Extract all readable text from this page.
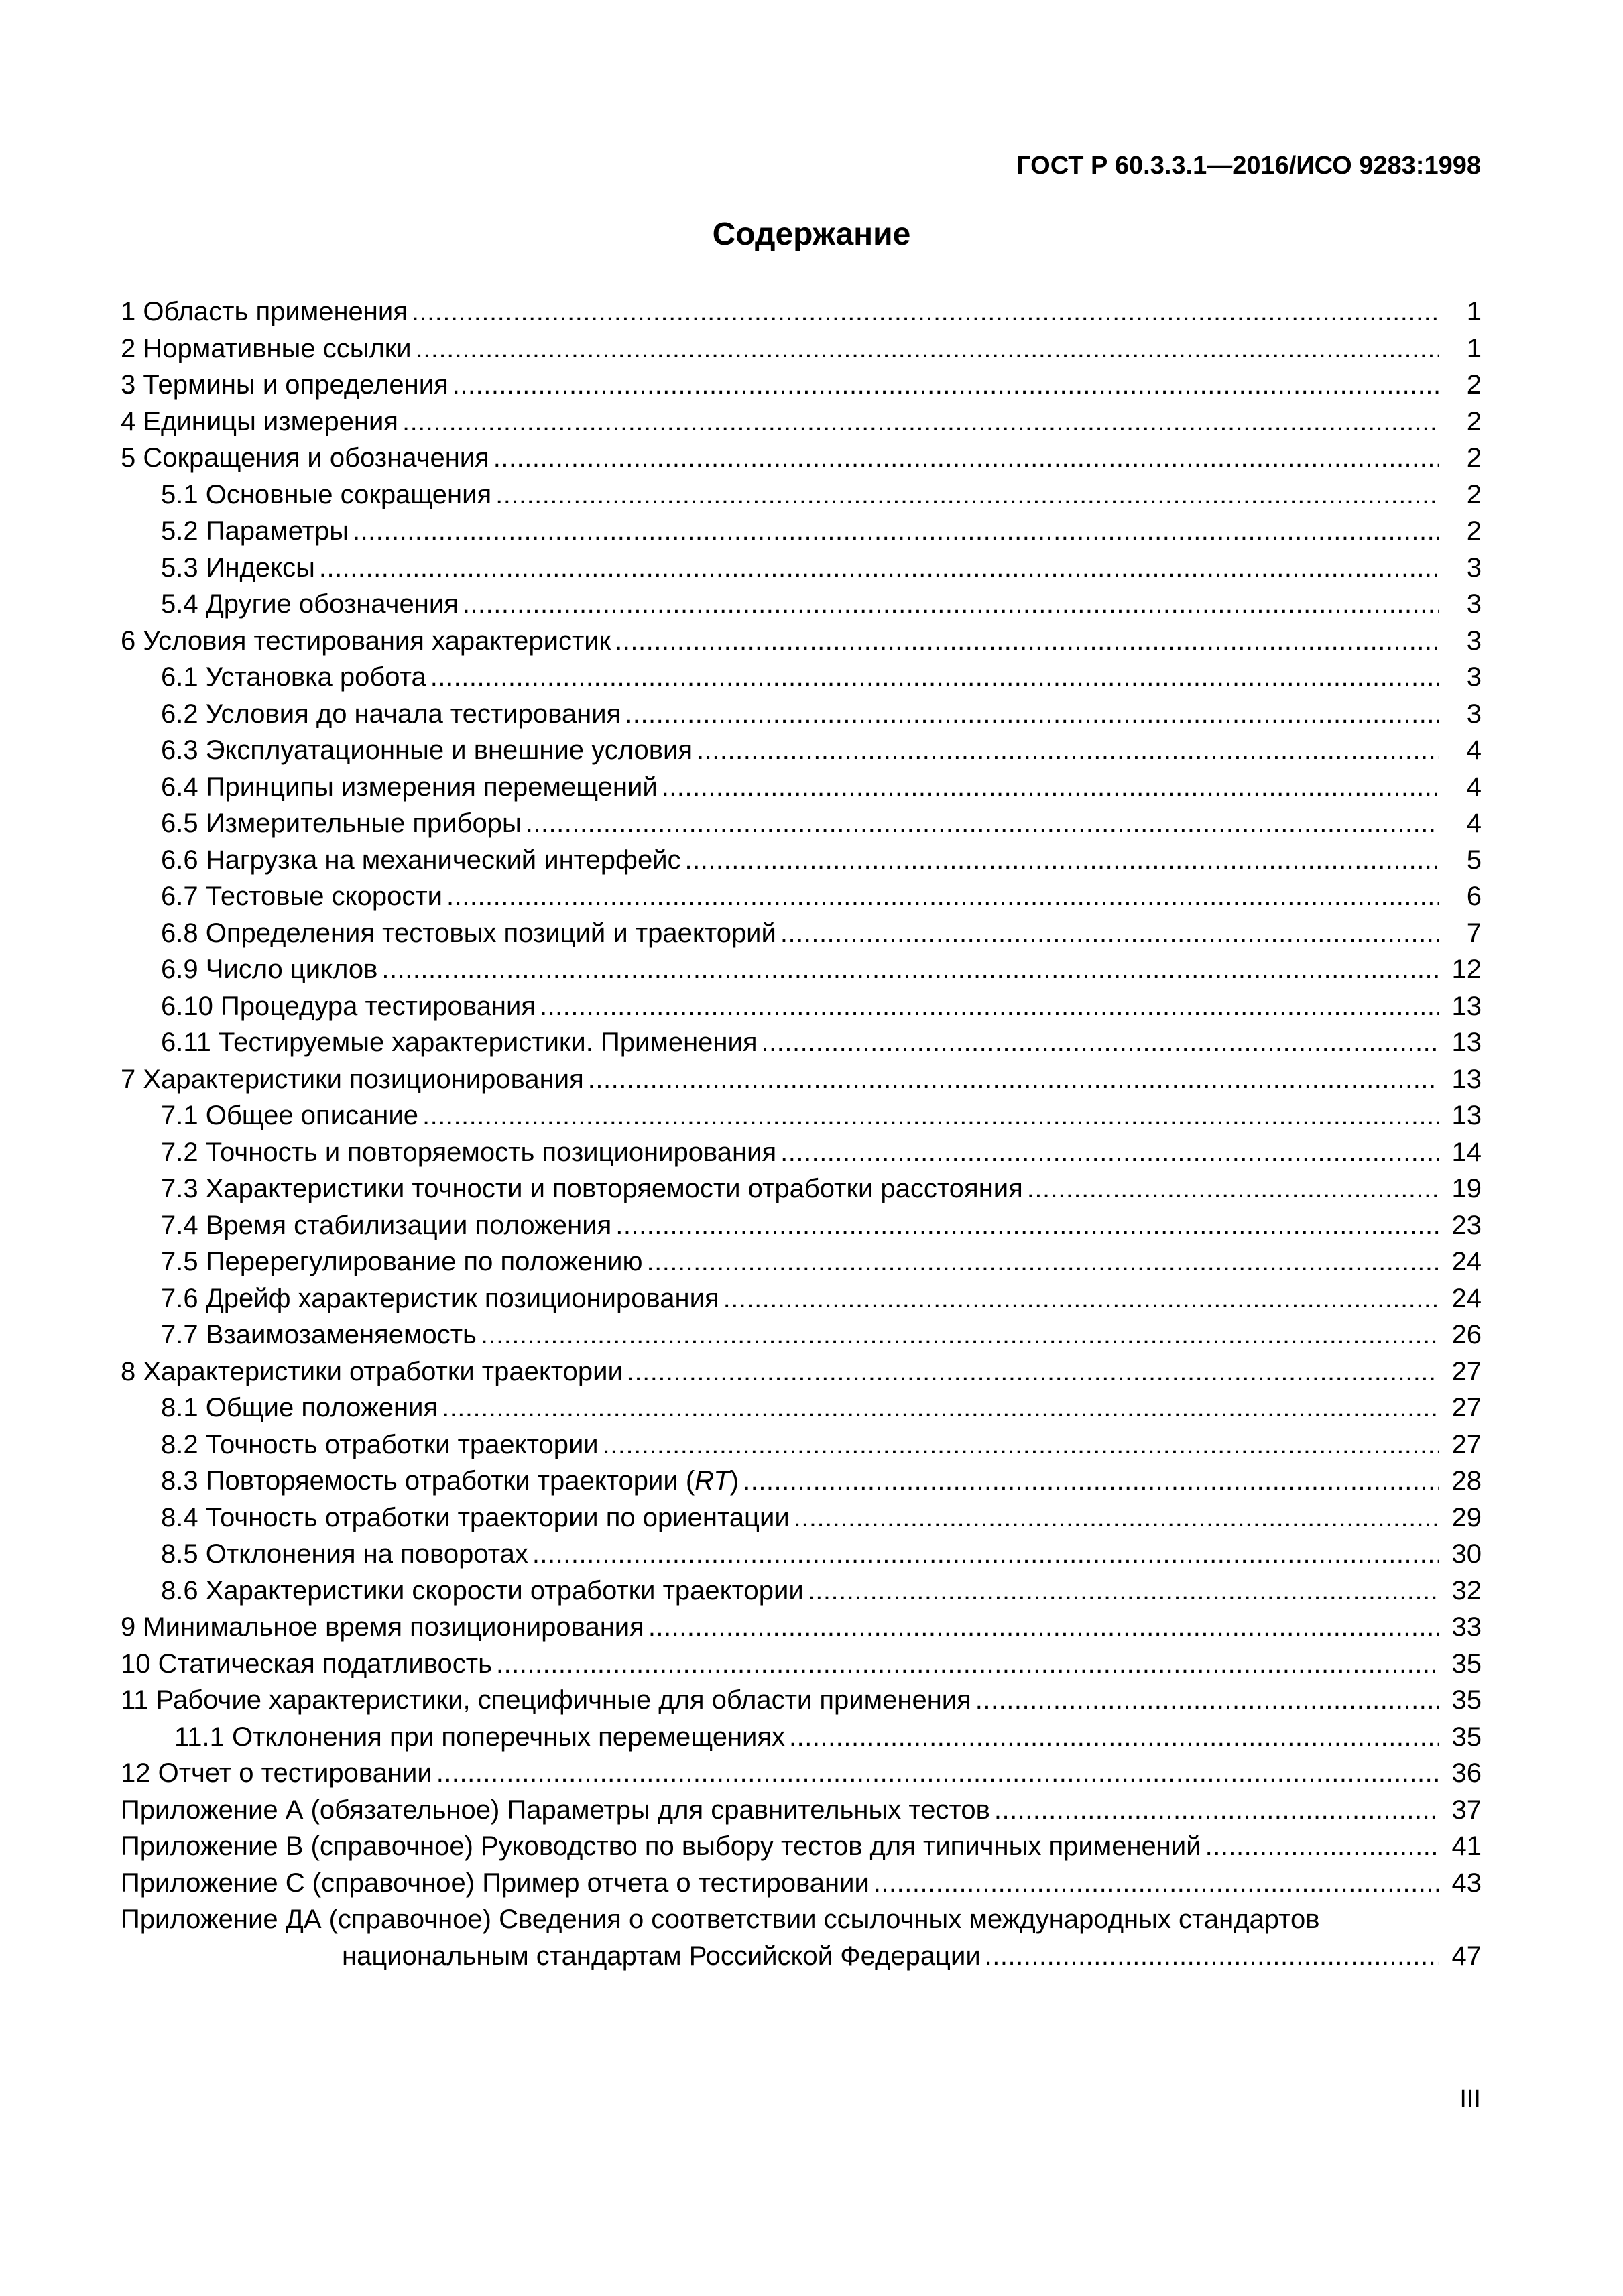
ГОСТ Р 60.3.3.1—2016/ИСО 9283:1998
Содержание
1 Область применения .....	1
2 Нормативные ссылки .....	1
3 Термины и определения .....	2
4 Единицы измерения .....	2
5 Сокращения и обозначения .....	2
5.1 Основные сокращения .....	2
5.2 Параметры .....	2
5.3 Индексы .....	3
5.4 Другие обозначения .....	3
6 Условия тестирования характеристик .....	3
6.1 Установка робота .....	3
6.2 Условия до начала тестирования .....	3
6.3 Эксплуатационные и внешние условия .....	4
6.4 Принципы измерения перемещений .....	4
6.5 Измерительные приборы .....	4
6.6 Нагрузка на механический интерфейс .....	5
6.7 Тестовые скорости .....	6
6.8 Определения тестовых позиций и траекторий .....	7
6.9 Число циклов .....	12
6.10 Процедура тестирования .....	13
6.11 Тестируемые характеристики. Применения .....	13
7 Характеристики позиционирования .....	13
7.1 Общее описание .....	13
7.2 Точность и повторяемость позиционирования .....	14
7.3 Характеристики точности и повторяемости отработки расстояния .....	19
7.4 Время стабилизации положения .....	23
7.5 Перерегулирование по положению .....	24
7.6 Дрейф характеристик позиционирования .....	24
7.7 Взаимозаменяемость .....	26
8 Характеристики отработки траектории .....	27
8.1 Общие положения .....	27
8.2 Точность отработки траектории .....	27
8.3 Повторяемость отработки траектории (RT) .....	28
8.4 Точность отработки траектории по ориентации .....	29
8.5 Отклонения на поворотах .....	30
8.6 Характеристики скорости отработки траектории .....	32
9 Минимальное время позиционирования .....	33
10 Статическая податливость .....	35
11 Рабочие характеристики, специфичные для области применения .....	35
11.1 Отклонения при поперечных перемещениях .....	35
12 Отчет о тестировании .....	36
Приложение А (обязательное) Параметры для сравнительных тестов .....	37
Приложение В (справочное) Руководство по выбору тестов для типичных применений .....	41
Приложение С (справочное) Пример отчета о тестировании .....	43
Приложение ДА (справочное) Сведения о соответствии ссылочных международных стандартов
национальным стандартам Российской Федерации .....	47
III
